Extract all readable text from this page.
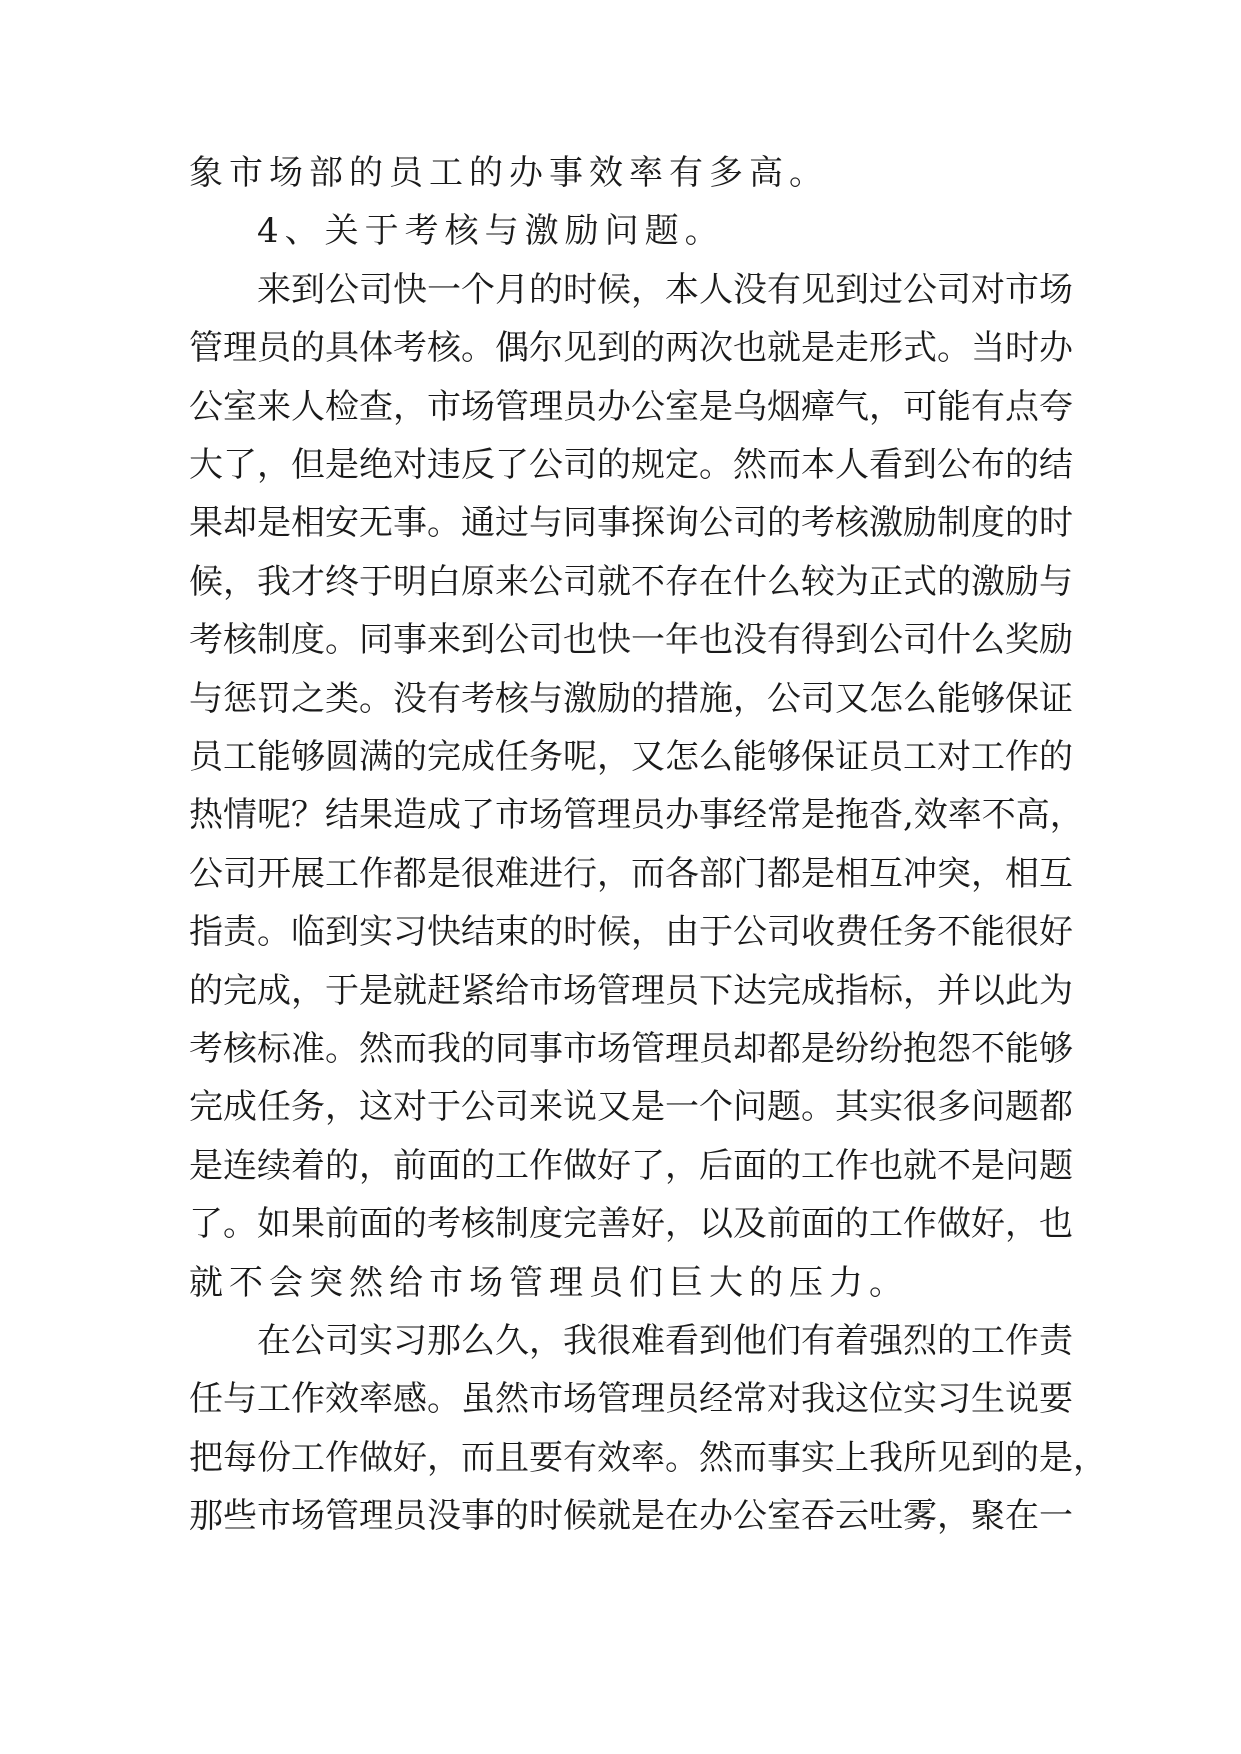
象市场部的员工的办事效率有多高。
4、关于考核与激励问题。
来到公司快一个月的时候，本人没有见到过公司对市场
管理员的具体考核。偶尔见到的两次也就是走形式。当时办
公室来人检查，市场管理员办公室是乌烟瘴气，可能有点夸
大了，但是绝对违反了公司的规定。然而本人看到公布的结
果却是相安无事。通过与同事探询公司的考核激励制度的时
候，我才终于明白原来公司就不存在什么较为正式的激励与
考核制度。同事来到公司也快一年也没有得到公司什么奖励
与惩罚之类。没有考核与激励的措施，公司又怎么能够保证
员工能够圆满的完成任务呢，又怎么能够保证员工对工作的
热情呢？结果造成了市场管理员办事经常是拖沓,效率不高，
公司开展工作都是很难进行，而各部门都是相互冲突，相互
指责。临到实习快结束的时候，由于公司收费任务不能很好
的完成，于是就赶紧给市场管理员下达完成指标，并以此为
考核标准。然而我的同事市场管理员却都是纷纷抱怨不能够
完成任务，这对于公司来说又是一个问题。其实很多问题都
是连续着的，前面的工作做好了，后面的工作也就不是问题
了。如果前面的考核制度完善好，以及前面的工作做好，也
就不会突然给市场管理员们巨大的压力。
在公司实习那么久，我很难看到他们有着强烈的工作责
任与工作效率感。虽然市场管理员经常对我这位实习生说要
把每份工作做好，而且要有效率。然而事实上我所见到的是，
那些市场管理员没事的时候就是在办公室吞云吐雾，聚在一
